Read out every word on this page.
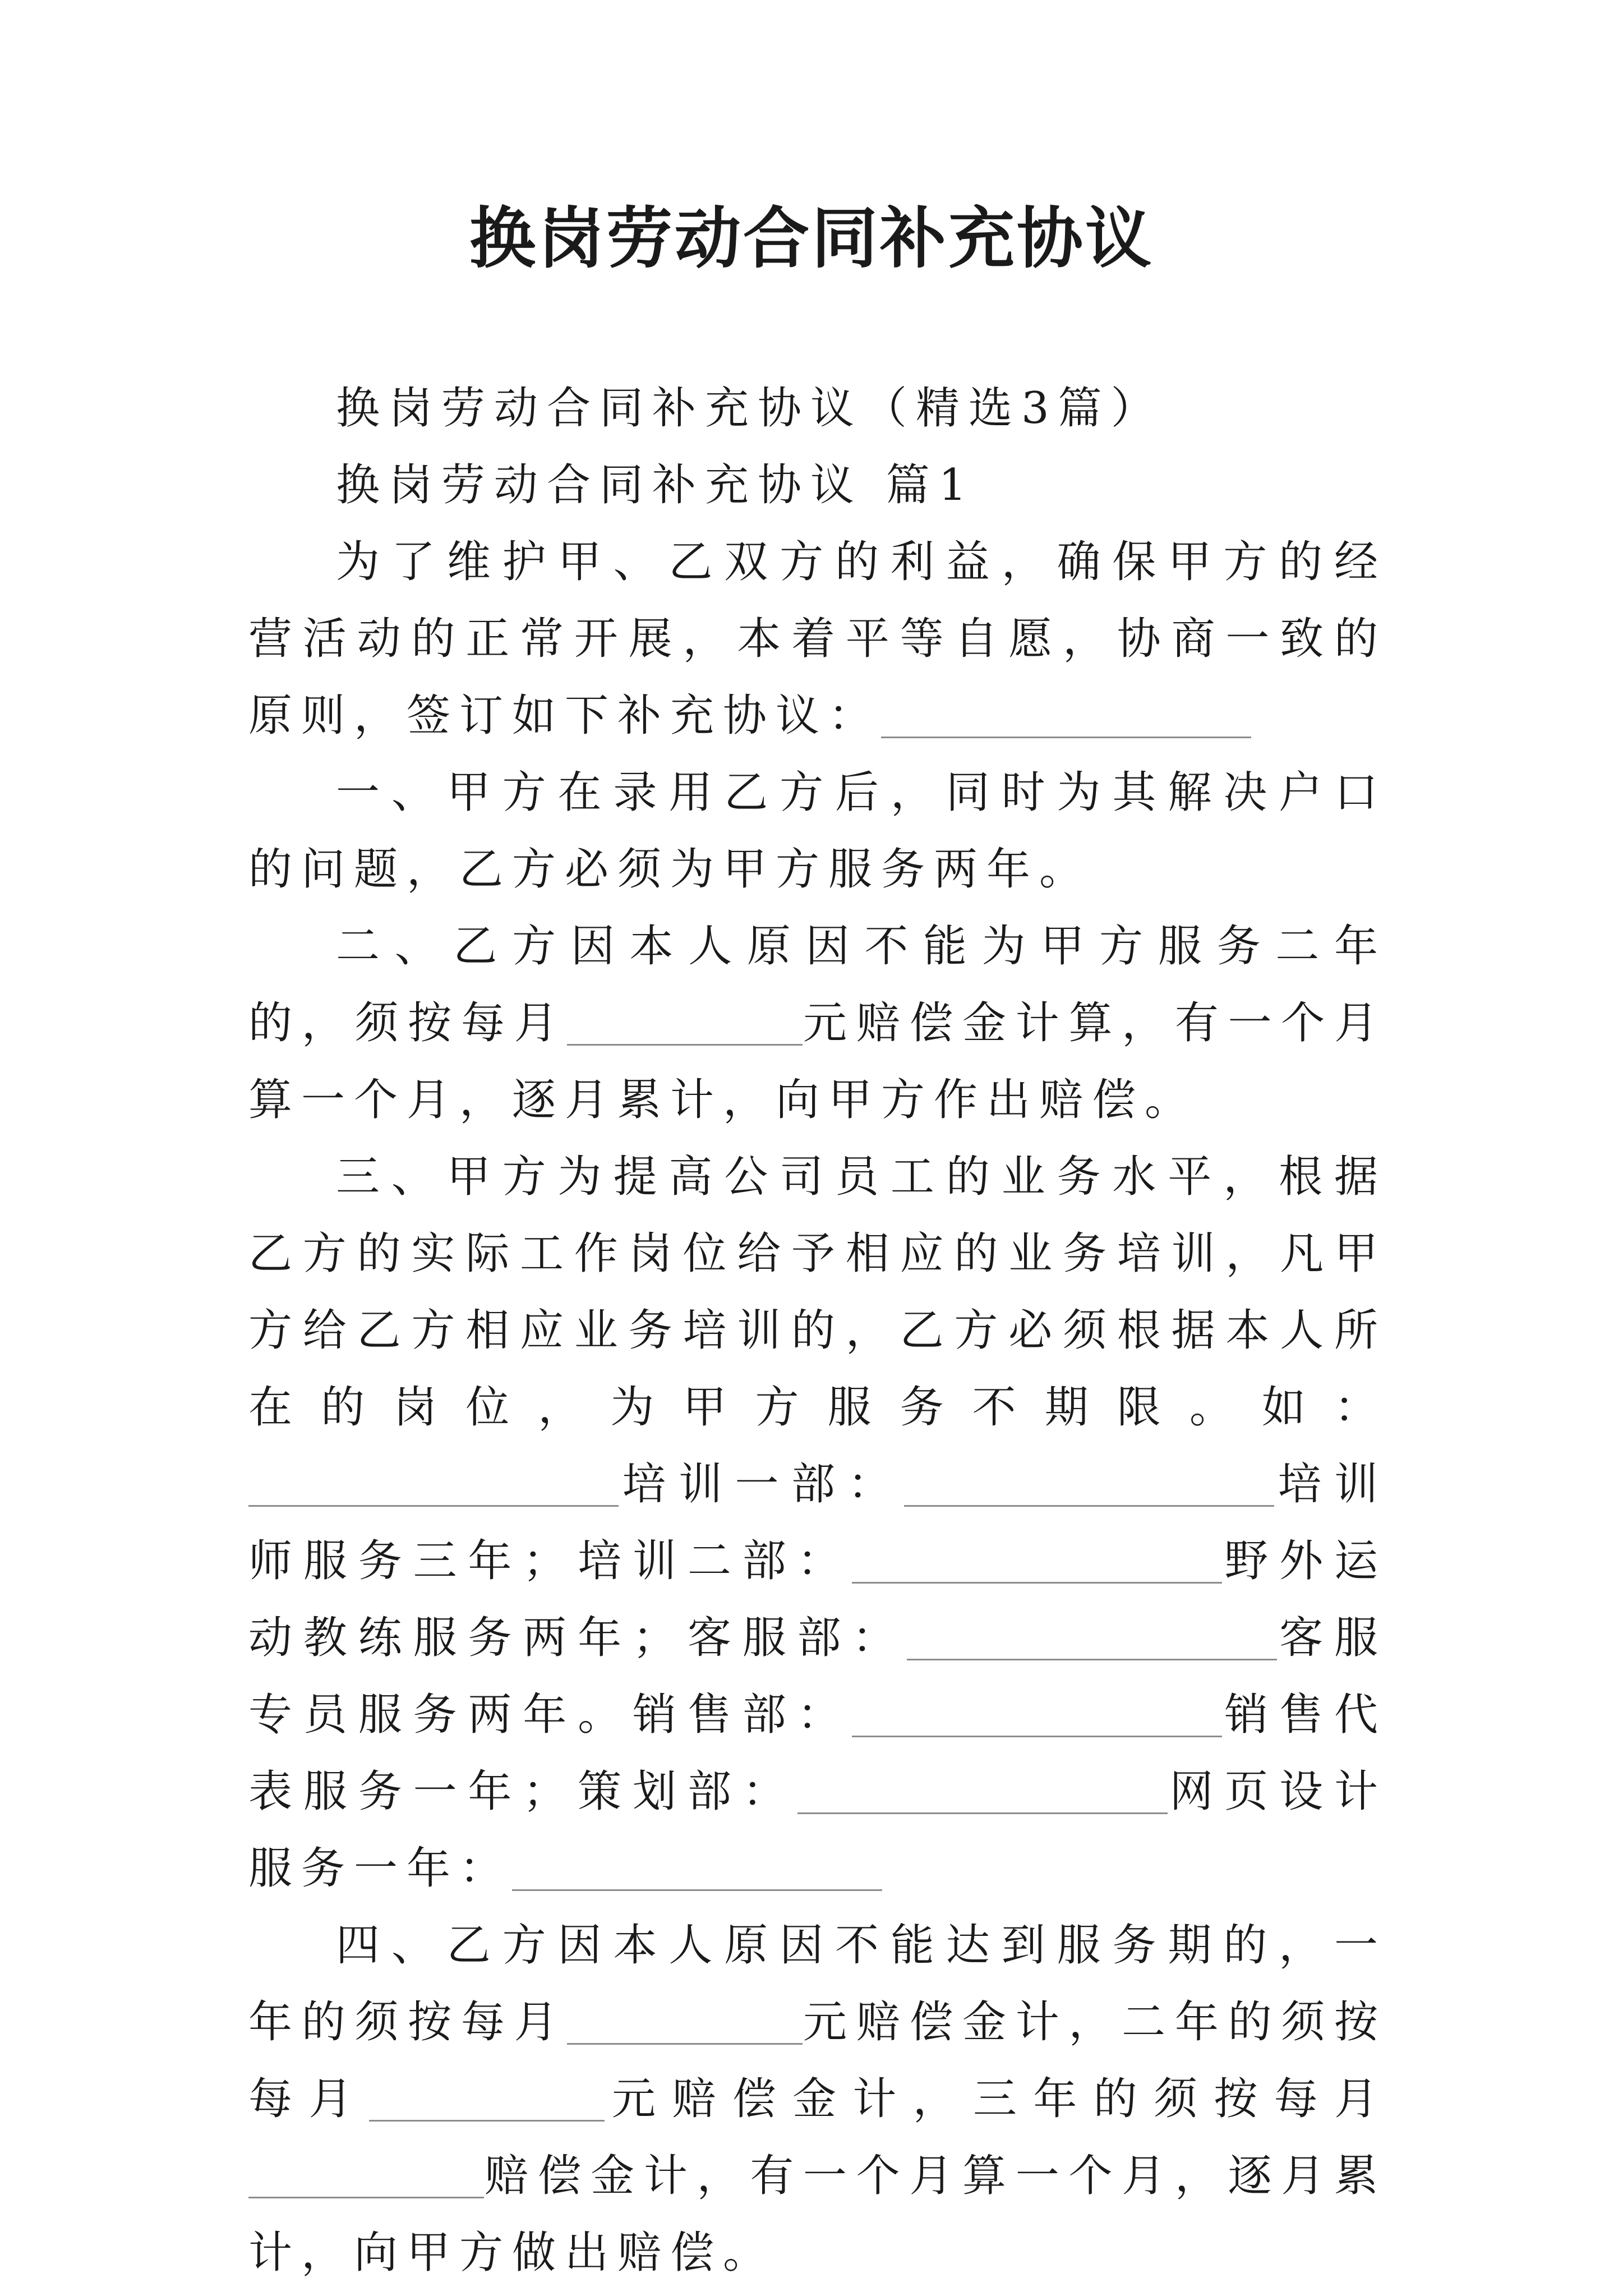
换岗劳动合同补充协议

换岗劳动合同补充协议（精选3篇）

换岗劳动合同补充协议 篇1

为了维护甲、乙双方的利益，确保甲方的经营活动的正常开展，本着平等自愿，协商一致的原则，签订如下补充协议：

一、甲方在录用乙方后，同时为其解决户口的问题，乙方必须为甲方服务两年。

二、乙方因本人原因不能为甲方服务二年的，须按每月	元赔偿金计算，有一个月算一个月，逐月累计，向甲方作出赔偿。

三、甲方为提高公司员工的业务水平，根据乙方的实际工作岗位给予相应的业务培训，凡甲方给乙方相应业务培训的，乙方必须根据本人所在的岗位，为甲方服务不期限。如：培训一部：	培训师服务三年；培训二部：	野外运动教练服务两年；客服部：	客服专员服务两年。销售部：	销售代表服务一年；策划部：	网页设计服务一年：

四、乙方因本人原因不能达到服务期的，一年的须按每月	元赔偿金计，二年的须按每月	元赔偿金计，三年的须按每月赔偿金计，有一个月算一个月，逐月累计，向甲方做出赔偿。
